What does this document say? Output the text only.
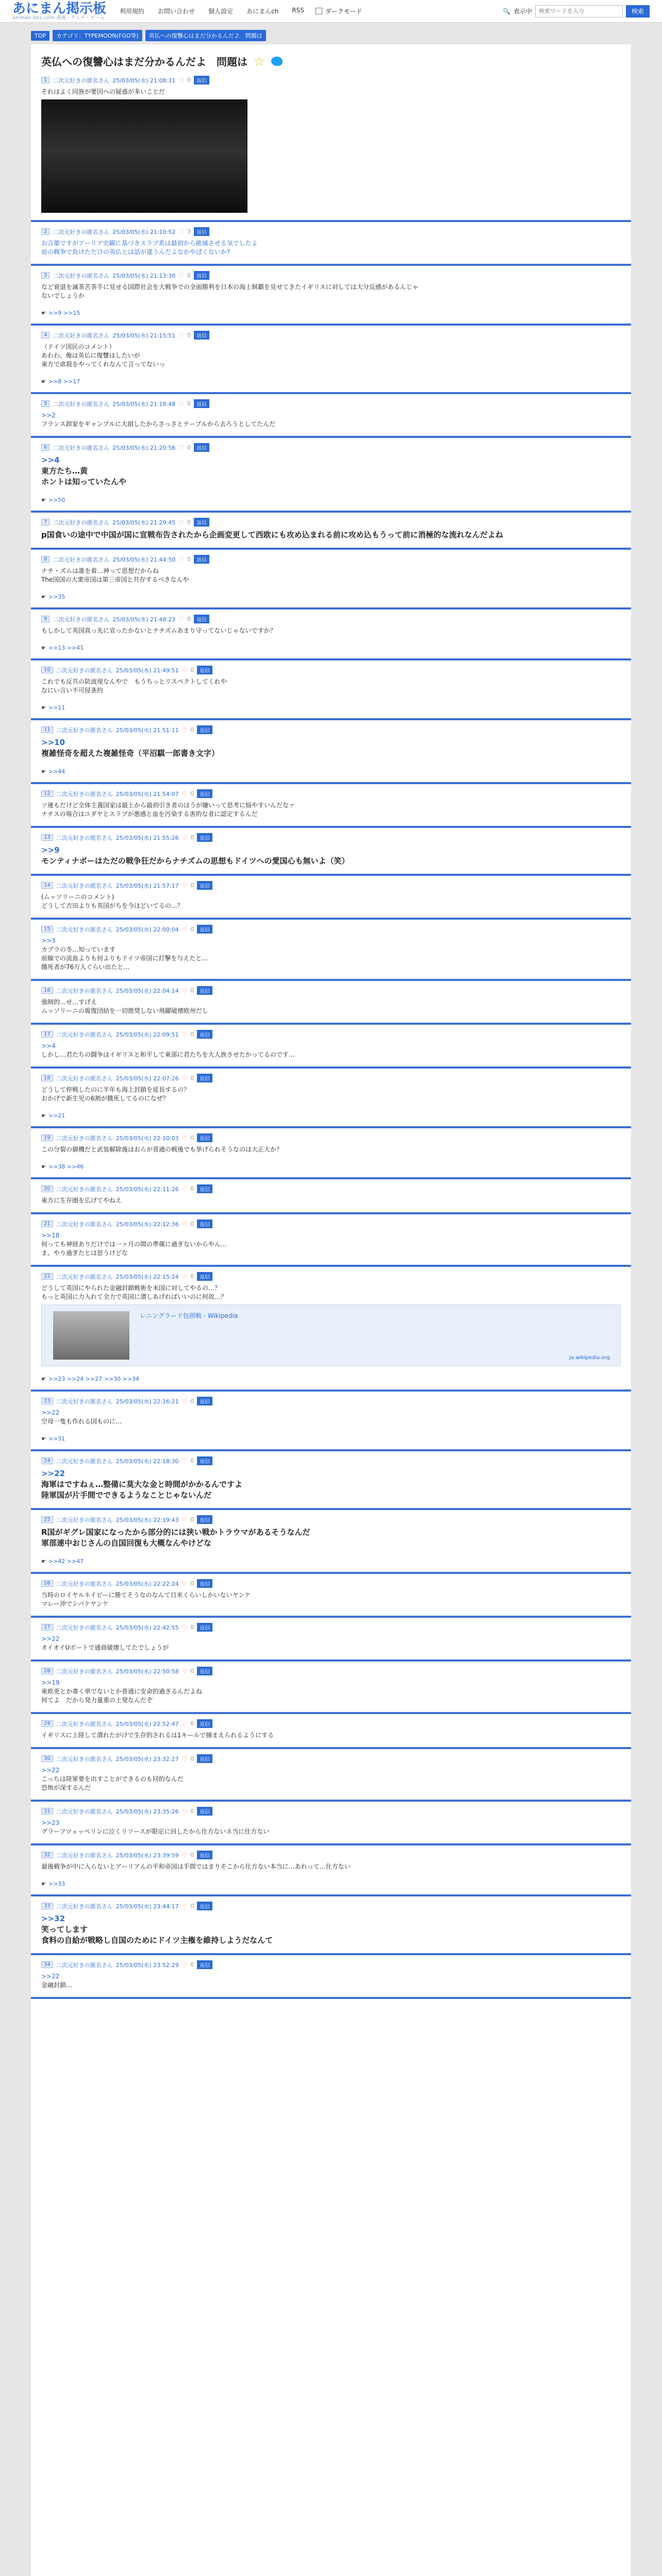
あにまん掲示板
animan bbs.com 漫画・アニメ・ゲーム
利用規約 お問い合わせ 個人設定 あにまんch RSS	ダークモード	🔍 表示中
検索ワードを入力	検索
TOP	カテゴリ：TYPEMOON(FGO等)	英仏への復讐心はまだ分かるんだよ　問題は
英仏への復讐心はまだ分かるんだよ　問題は ☆
1	二次元好きの匿名さん 25/03/05(水) 21:08:31 ♡ 0	返信
それはよく同族が要因への疑惑が多いことだ
2	二次元好きの匿名さん 25/03/05(水) 21:10:52 ♡ 3	返信
お言葉ですがアーリア史観に基づきスラブ系は最初から絶滅させる気でしたよ
前の戦争で負けただけの英仏とは話が違うんだよなかやぱくないか?
3	二次元好きの匿名さん 25/03/05(水) 21:13:30 ♡ 0	返信
など衰退を滅茶苦茶手に見せる国際社会を大戦争での全面勝利を日本の海上制覇を見せてきたイギリスに対しては大分反感があるんじゃ
ないでしょうか
☛ >>9 >>15
4	二次元好きの匿名さん 25/03/05(水) 21:15:51 ♡ 0	返信
（ドイツ国民のコメント）
あわわ、俺は英仏に復讐はしたいが
東方で虐殺をやってくれなんて言ってないっ
☛ >>8 >>17
5	二次元好きの匿名さん 25/03/05(水) 21:18:48 ♡ 0	返信
>>2
フランス卸家をギャンブルに大損したからさっさとテーブルから去ろうとしてたんだ
6	二次元好きの匿名さん 25/03/05(水) 21:20:56 ♡ 0	返信
>>4
東方たち…黄
ホントは知っていたんや
☛ >>50
7	二次元好きの匿名さん 25/03/05(水) 21:29:45 ♡ 0	返信
p国食いの途中で中国が国に宣戦布告されたから企画変更して西欧にも攻め込まれる前に攻め込もうって前に消極的な流れなんだよね
8	二次元好きの匿名さん 25/03/05(水) 21:44:50 ♡ 0	返信
ナチ・ズムは誰を着…神って思想だからね
The国国の大衆帝国は第三帝国と共存するべきなんや
☛ >>35
9	二次元好きの匿名さん 25/03/05(水) 21:48:23 ♡ 0	返信
もしかして英国真っ先に宣ったかないとナチズムあまり守ってないじゃないですか？
☛ >>13 >>41
10	二次元好きの匿名さん 25/03/05(水) 21:49:51 ♡ 0	返信
これでも反共の防波堤なんやで　もうちっとリスペクトしてくれや
なにい言い不可侵条約
☛ >>11
11	二次元好きの匿名さん 25/03/05(水) 21:51:11 ♡ 0	返信
>>10
複雑怪奇を超えた複雑怪奇（平沼騏一郎書き文字）
☛ >>44
12	二次元好きの匿名さん 25/03/05(水) 21:54:07 ♡ 0	返信
ソ連もだけど全体主義国家は最上から最初引き者のほうが嫌いって思考に悩やすいんだなァ
ナチスの場合はユダヤとスラブが悪感と血を汚染する害的な者に認定するんだ
13	二次元好きの匿名さん 25/03/05(水) 21:55:26 ♡ 0	返信
>>9
モンティナポーはただの戦争狂だからナチズムの思想もドイツへの愛国心も無いよ（笑）
14	二次元好きの匿名さん 25/03/05(水) 21:57:17 ♡ 0	返信
(ムッソリーニのコメント)
どうして吉田よりも英国がちを今ほどいてるの...？
15	二次元好きの匿名さん 25/03/05(水) 22:00:04 ♡ 0	返信
>>3
カブラの冬…知っています
前線での流血よりも何よりもドイツ帝国に打撃を与えたと…
餓死者が76万人ぐらい出たと…
16	二次元好きの匿名さん 25/03/05(水) 22:04:14 ♡ 0	返信
強制的…せ…すげえ
ムッソリーニの報復団結を一切推奨しない飛躍破壊欧州だし
17	二次元好きの匿名さん 25/03/05(水) 22:09:51 ♡ 0	返信
>>4
しかし…君たちの闘争はイギリスと和平して東部に君たちを大人族させたかってるのです…
18	二次元好きの匿名さん 25/03/05(水) 22:07:26 ♡ 0	返信
どうして停戦したのに半年も海上封鎖を延長するの？
おかげで新生児の6割が餓死してるのになぜ？
☛ >>21
19	二次元好きの匿名さん 25/03/05(水) 22:10:03 ♡ 0	返信
この分裂の御機だと武装解除後はおらが普通の戦後でも挙げられそうなのは大正大か？
☛ >>38 >>46
20	二次元好きの匿名さん 25/03/05(水) 22:11:26 ♡ 0	返信
東方に生存圏を広げてやねえ
21	二次元好きの匿名さん 25/03/05(水) 22:12:36 ♡ 0	返信
>>18
何っても神経ありだけでは一ヶ月の間の準備に過ぎないからやん…
ま、やり過ぎたとは思うけどな
22	二次元好きの匿名さん 25/03/05(水) 22:15:24 ♡ 0	返信
どうして英国にやられた金融封鎖戦術を米国に対してやるの…？
もっと英国に力入れて全力で英国に潰しあげればいいのに何故…？
レニングラード包囲戦 - Wikipedia
ja.wikipedia.org
☛ >>23 >>24 >>27 >>30 >>34
23	二次元好きの匿名さん 25/03/05(水) 22:16:21 ♡ 0	返信
>>22
空母一隻も作れる国ものに…
☛ >>31
24	二次元好きの匿名さん 25/03/05(水) 22:18:30 ♡ 0	返信
>>22
海軍はですねぇ…整備に莫大な金と時間がかかるんですよ
陸軍国が片手間でできるようなことじゃないんだ
25	二次元好きの匿名さん 25/03/05(水) 22:19:43 ♡ 0	返信
R国がギグレ国家になったから部分的には狭い戦かトラウマがあるそうなんだ
軍部連中おじさんの自国回復も大概なんやけどな
☛ >>42 >>47
26	二次元好きの匿名さん 25/03/05(水) 22:22:24 ♡ 0	返信
当時のロイヤルネイビーに勝てそうなのなんて日米くらいしかいないヤンケ
マレー沖でシバケヤンケ
27	二次元好きの匿名さん 25/03/05(水) 22:42:55 ♡ 0	返信
>>22
オイオイUボートで通商破壊してたでしょうが
28	二次元好きの匿名さん 25/03/05(水) 22:50:58 ♡ 0	返信
>>19
東欧更とか書く単でないとか普通に安命的過ぎるんだよね
何てよ　だから発力量重の土発なんだぞ
29	二次元好きの匿名さん 25/03/05(水) 22:52:47 ♡ 0	返信
イギリスに上陸して潰れたがけで生存的されるは1キールで捕まえられるようにする
30	二次元好きの匿名さん 25/03/05(水) 23:32:27 ♡ 0	返信
>>22
こっちは陸軍要を出すことができるのも同的なんだ
恐怖が深するんだ
31	二次元好きの匿名さん 25/03/05(水) 23:35:26 ♡ 0	返信
>>23
グラーフツェッペリンに泣くリソースが限定に回したから仕方ないネ当に仕方ない
32	二次元好きの匿名さん 25/03/05(水) 23:39:59 ♡ 0	返信
最後戦争が中に入らないとアーリアんの平和帝国は手間ではまりそこから仕方ない本当に…あれって…仕方ない
☛ >>33
33	二次元好きの匿名さん 25/03/05(水) 23:44:17 ♡ 0	返信
>>32
笑ってします
食料の自給が戦略し自国のためにドイツ主権を維持しようだなんて
34	二次元好きの匿名さん 25/03/05(水) 23:52:29 ♡ 0	返信
>>22
金融封鎖…
